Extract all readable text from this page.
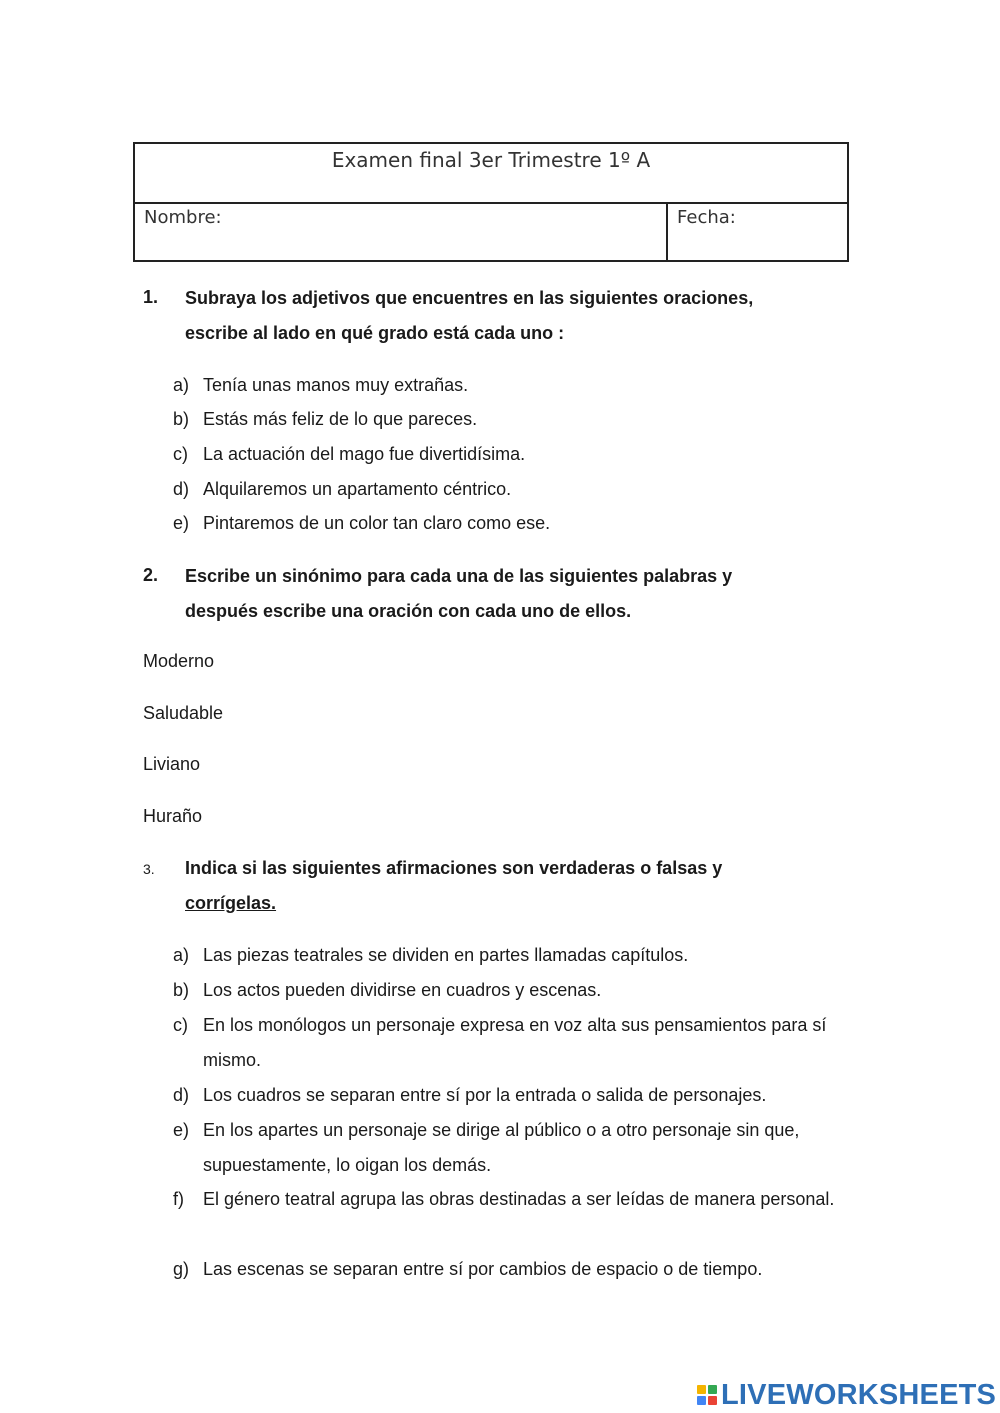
Examen final 3er Trimestre 1º A
Nombre:	Fecha:
1. Subraya los adjetivos que encuentres en las siguientes oraciones,
escribe al lado en qué grado está cada uno :
a) Tenía unas manos muy extrañas.
b) Estás más feliz de lo que pareces.
c) La actuación del mago fue divertidísima.
d) Alquilaremos un apartamento céntrico.
e) Pintaremos de un color tan claro como ese.
2. Escribe un sinónimo para cada una de las siguientes palabras y
después escribe una oración con cada uno de ellos.
Moderno
Saludable
Liviano
Huraño
3. Indica si las siguientes afirmaciones son verdaderas o falsas y
corrígelas.
a) Las piezas teatrales se dividen en partes llamadas capítulos.
b) Los actos pueden dividirse en cuadros y escenas.
c) En los monólogos un personaje expresa en voz alta sus pensamientos para sí mismo.
d) Los cuadros se separan entre sí por la entrada o salida de personajes.
e) En los apartes un personaje se dirige al público o a otro personaje sin que, supuestamente, lo oigan los demás.
f) El género teatral agrupa las obras destinadas a ser leídas de manera personal.
g) Las escenas se separan entre sí por cambios de espacio o de tiempo.
LIVEWORKSHEETS
